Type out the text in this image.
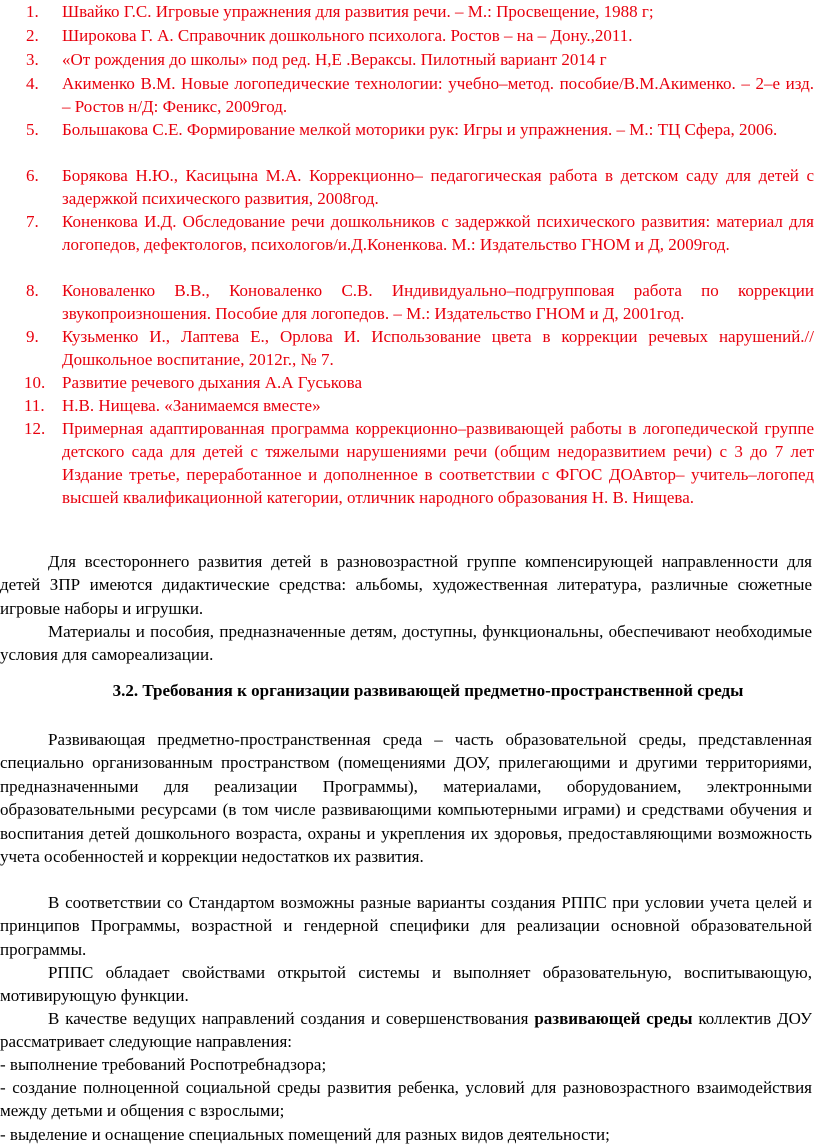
1. Швайко Г.С. Игровые упражнения для развития речи. – М.: Просвещение, 1988 г;
2. Широкова Г. А. Справочник дошкольного психолога. Ростов – на – Дону.,2011.
3. «От рождения до школы» под ред. Н,Е .Вераксы. Пилотный вариант 2014 г
4. Акименко В.М. Новые логопедические технологии: учебно–метод. пособие/В.М.Акименко. – 2–е изд. – Ростов н/Д: Феникс, 2009год.
5. Большакова С.Е. Формирование мелкой моторики рук: Игры и упражнения. – М.: ТЦ Сфера, 2006.
6. Борякова Н.Ю., Касицына М.А. Коррекционно– педагогическая работа в детском саду для детей с задержкой психического развития, 2008год.
7. Коненкова И.Д. Обследование речи дошкольников с задержкой психического развития: материал для логопедов, дефектологов, психологов/и.Д.Коненкова. М.: Издательство ГНОМ и Д, 2009год.
8. Коноваленко В.В., Коноваленко С.В. Индивидуально–подгрупповая работа по коррекции звукопроизношения. Пособие для логопедов. – М.: Издательство ГНОМ и Д, 2001год.
9. Кузьменко И., Лаптева Е., Орлова И. Использование цвета в коррекции речевых нарушений.//Дошкольное воспитание, 2012г., № 7.
10. Развитие речевого дыхания А.А Гуськова
11. Н.В. Нищева. «Занимаемся вместе»
12. Примерная адаптированная программа коррекционно–развивающей работы в логопедической группе детского сада для детей с тяжелыми нарушениями речи (общим недоразвитием речи) с 3 до 7 лет Издание третье, переработанное и дополненное в соответствии с ФГОС ДОАвтор– учитель–логопед высшей квалификационной категории, отличник народного образования Н. В. Нищева.
Для всестороннего развития детей в разновозрастной группе компенсирующей направленности для детей ЗПР имеются дидактические средства: альбомы, художественная литература, различные сюжетные игровые наборы и игрушки.
Материалы и пособия, предназначенные детям, доступны, функциональны, обеспечивают необходимые условия для самореализации.
3.2. Требования к организации развивающей предметно-пространственной среды
Развивающая предметно-пространственная среда – часть образовательной среды, представленная специально организованным пространством (помещениями ДОУ, прилегающими и другими территориями, предназначенными для реализации Программы), материалами, оборудованием, электронными образовательными ресурсами (в том числе развивающими компьютерными играми) и средствами обучения и воспитания детей дошкольного возраста, охраны и укрепления их здоровья, предоставляющими возможность учета особенностей и коррекции недостатков их развития.
В соответствии со Стандартом возможны разные варианты создания РППС при условии учета целей и принципов Программы, возрастной и гендерной специфики для реализации основной образовательной программы.
РППС обладает свойствами открытой системы и выполняет образовательную, воспитывающую, мотивирующую функции.
В качестве ведущих направлений создания и совершенствования развивающей среды коллектив ДОУ рассматривает следующие направления:
- выполнение требований Роспотребнадзора;
- создание полноценной социальной среды развития ребенка, условий для разновозрастного взаимодействия между детьми и общения с взрослыми;
- выделение и оснащение специальных помещений для разных видов деятельности;
